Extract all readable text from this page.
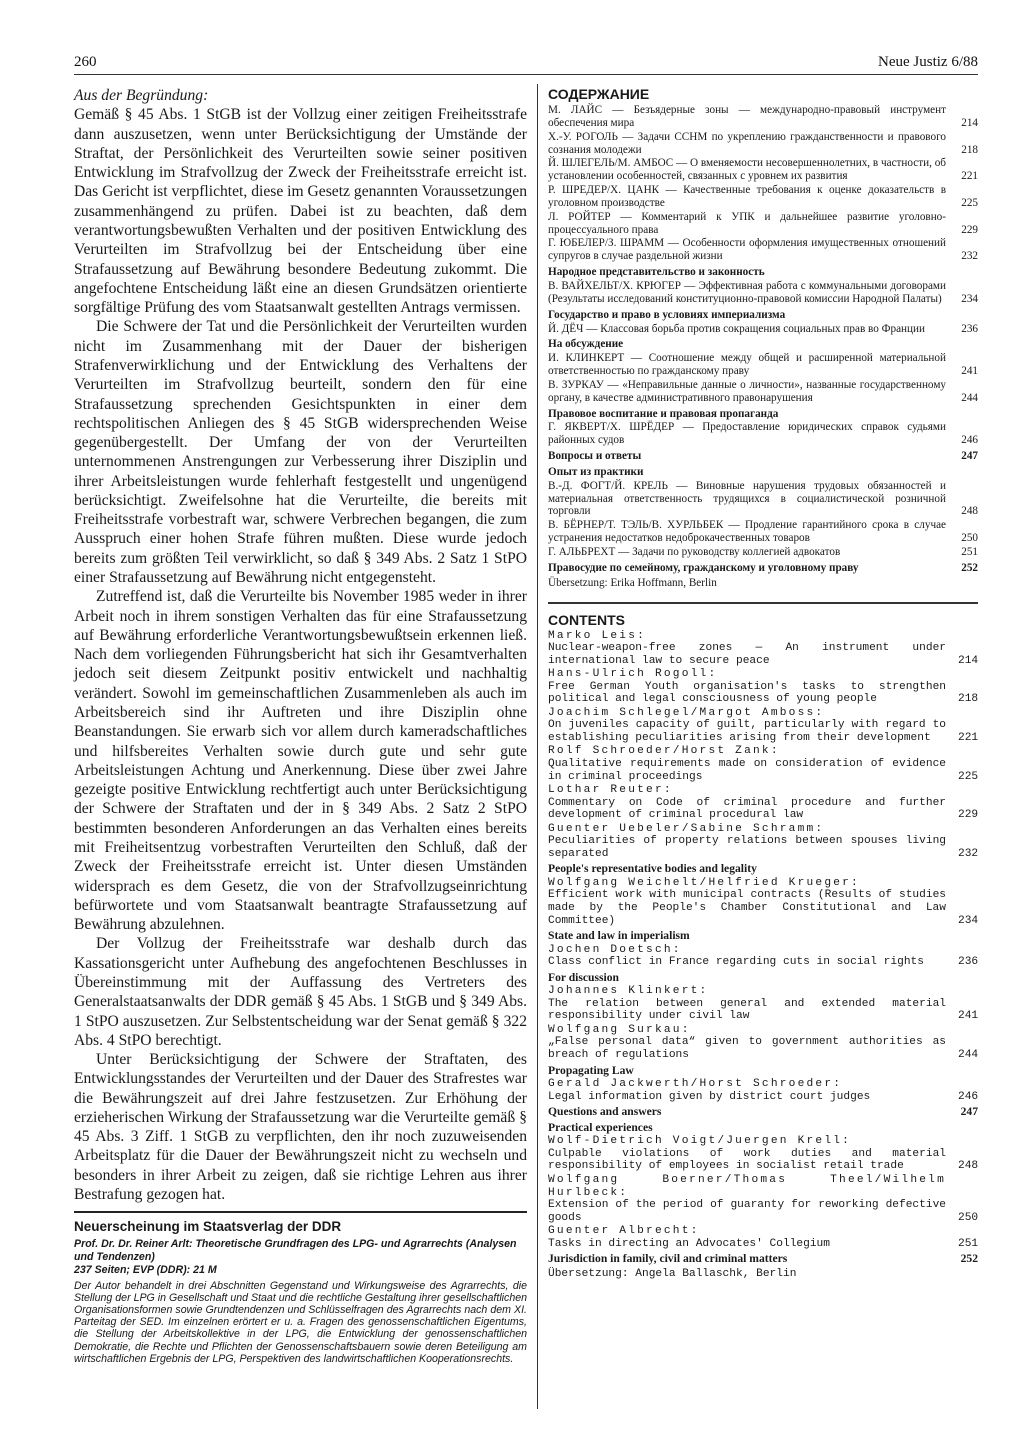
260	Neue Justiz 6/88

Aus der Begründung:

Gemäß § 45 Abs. 1 StGB ist der Vollzug einer zeitigen Freiheitsstrafe dann auszusetzen, wenn unter Berücksichtigung der Umstände der Straftat, der Persönlichkeit des Verurteilten sowie seiner positiven Entwicklung im Strafvollzug der Zweck der Freiheitsstrafe erreicht ist. Das Gericht ist verpflichtet, diese im Gesetz genannten Voraussetzungen zusammenhängend zu prüfen. Dabei ist zu beachten, daß dem verantwortungsbewußten Verhalten und der positiven Entwicklung des Verurteilten im Strafvollzug bei der Entscheidung über eine Strafaussetzung auf Bewährung besondere Bedeutung zukommt. Die angefochtene Entscheidung läßt eine an diesen Grundsätzen orientierte sorgfältige Prüfung des vom Staatsanwalt gestellten Antrags vermissen.

Die Schwere der Tat und die Persönlichkeit der Verurteilten wurden nicht im Zusammenhang mit der Dauer der bisherigen Strafenverwirklichung und der Entwicklung des Verhaltens der Verurteilten im Strafvollzug beurteilt, sondern den für eine Strafaussetzung sprechenden Gesichtspunkten in einer dem rechtspolitischen Anliegen des § 45 StGB widersprechenden Weise gegenübergestellt. Der Umfang der von der Verurteilten unternommenen Anstrengungen zur Verbesserung ihrer Disziplin und ihrer Arbeitsleistungen wurde fehlerhaft festgestellt und ungenügend berücksichtigt. Zweifelsohne hat die Verurteilte, die bereits mit Freiheitsstrafe vorbestraft war, schwere Verbrechen begangen, die zum Ausspruch einer hohen Strafe führen mußten. Diese wurde jedoch bereits zum größten Teil verwirklicht, so daß § 349 Abs. 2 Satz 1 StPO einer Strafaussetzung auf Bewährung nicht entgegensteht.

Zutreffend ist, daß die Verurteilte bis November 1985 weder in ihrer Arbeit noch in ihrem sonstigen Verhalten das für eine Strafaussetzung auf Bewährung erforderliche Verantwortungsbewußtsein erkennen ließ. Nach dem vorliegenden Führungsbericht hat sich ihr Gesamtverhalten jedoch seit diesem Zeitpunkt positiv entwickelt und nachhaltig verändert. Sowohl im gemeinschaftlichen Zusammenleben als auch im Arbeitsbereich sind ihr Auftreten und ihre Disziplin ohne Beanstandungen. Sie erwarb sich vor allem durch kameradschaftliches und hilfsbereites Verhalten sowie durch gute und sehr gute Arbeitsleistungen Achtung und Anerkennung. Diese über zwei Jahre gezeigte positive Entwicklung rechtfertigt auch unter Berücksichtigung der Schwere der Straftaten und der in § 349 Abs. 2 Satz 2 StPO bestimmten besonderen Anforderungen an das Verhalten eines bereits mit Freiheitsentzug vorbestraften Verurteilten den Schluß, daß der Zweck der Freiheitsstrafe erreicht ist. Unter diesen Umständen widersprach es dem Gesetz, die von der Strafvollzugseinrichtung befürwortete und vom Staatsanwalt beantragte Strafaussetzung auf Bewährung abzulehnen.

Der Vollzug der Freiheitsstrafe war deshalb durch das Kassationsgericht unter Aufhebung des angefochtenen Beschlusses in Übereinstimmung mit der Auffassung des Vertreters des Generalstaatsanwalts der DDR gemäß § 45 Abs. 1 StGB und § 349 Abs. 1 StPO auszusetzen. Zur Selbstentscheidung war der Senat gemäß § 322 Abs. 4 StPO berechtigt.

Unter Berücksichtigung der Schwere der Straftaten, des Entwicklungsstandes der Verurteilten und der Dauer des Strafrestes war die Bewährungszeit auf drei Jahre festzusetzen. Zur Erhöhung der erzieherischen Wirkung der Strafaussetzung war die Verurteilte gemäß § 45 Abs. 3 Ziff. 1 StGB zu verpflichten, den ihr noch zuzuweisenden Arbeitsplatz für die Dauer der Bewährungszeit nicht zu wechseln und besonders in ihrer Arbeit zu zeigen, daß sie richtige Lehren aus ihrer Bestrafung gezogen hat.

Neuerscheinung im Staatsverlag der DDR

Prof. Dr. Dr. Reiner Arlt: Theoretische Grundfragen des LPG- und Agrarrechts (Analysen und Tendenzen)

237 Seiten; EVP (DDR): 21 M

Der Autor behandelt in drei Abschnitten Gegenstand und Wirkungsweise des Agrarrechts, die Stellung der LPG in Gesellschaft und Staat und die rechtliche Gestaltung ihrer gesellschaftlichen Organisationsformen sowie Grundtendenzen und Schlüsselfragen des Agrarrechts nach dem XI. Parteitag der SED. Im einzelnen erörtert er u. a. Fragen des genossenschaftlichen Eigentums, die Stellung der Arbeitskollektive in der LPG, die Entwicklung der genossenschaftlichen Demokratie, die Rechte und Pflichten der Genossenschaftsbauern sowie deren Beteiligung am wirtschaftlichen Ergebnis der LPG, Perspektiven des landwirtschaftlichen Kooperationsrechts.

СОДЕРЖАНИЕ
М. ЛАЙС — Безъядерные зоны — международно-правовый инструмент обеспечения мира	214
Х.-У. РОГОЛЬ — Задачи ССНМ по укреплению гражданственности и правового сознания молодежи	218
Й. ШЛЕГЕЛЬ/М. АМБОС — О вменяемости несовершеннолетних, в частности, об установлении особенностей, связанных с уровнем их развития	221
Р. ШРЕДЕР/Х. ЦАНК — Качественные требования к оценке доказательств в уголовном производстве	225
Л. РОЙТЕР — Комментарий к УПК и дальнейшее развитие уголовно-процессуального права	229
Г. ЮБЕЛЕР/З. ШРАММ — Особенности оформления имущественных отношений супругов в случае раздельной жизни	232
Народное представительство и законность
В. ВАЙХЕЛЬТ/Х. КРЮГЕР — Эффективная работа с коммунальными договорами (Результаты исследований конституционно-правовой комиссии Народной Палаты)	234
Государство и право в условиях империализма
Й. ДЁЧ — Классовая борьба против сокращения социальных прав во Франции	236
На обсуждение
И. КЛИНКЕРТ — Соотношение между общей и расширенной материальной ответственностью по гражданскому праву	241
В. ЗУРКАУ — «Неправильные данные о личности», названные государственному органу, в качестве административного правонарушения	244
Правовое воспитание и правовая пропаганда
Г. ЯКВЕРТ/Х. ШРЁДЕР — Предоставление юридических справок судьями районных судов	246
Вопросы и ответы	247
Опыт из практики
В.-Д. ФОГТ/Й. КРЕЛЬ — Виновные нарушения трудовых обязанностей и материальная ответственность трудящихся в социалистической розничной торговли	248
В. БЁРНЕР/Т. ТЭЛЬ/В. ХУРЛЬБЕК — Продление гарантийного срока в случае устранения недостатков недоброкачественных товаров	250
Г. АЛЬБРЕХТ — Задачи по руководству коллегией адвокатов	251
Правосудие по семейному, гражданскому и уголовному праву	252
Übersetzung: Erika Hoffmann, Berlin
CONTENTS
Marko Leis:
Nuclear-weapon-free zones — An instrument under international law to secure peace	214
Hans-Ulrich Rogoll:
Free German Youth organisation's tasks to strengthen political and legal consciousness of young people	218
Joachim Schlegel/Margot Amboss:
On juveniles capacity of guilt, particularly with regard to establishing peculiarities arising from their development	221
Rolf Schroeder/Horst Zank:
Qualitative requirements made on consideration of evidence in criminal proceedings	225
Lothar Reuter:
Commentary on Code of criminal procedure and further development of criminal procedural law	229
Guenter Uebeler/Sabine Schramm:
Peculiarities of property relations between spouses living separated	232
People's representative bodies and legality
Wolfgang Weichelt/Helfried Krueger:
Efficient work with municipal contracts (Results of studies made by the People's Chamber Constitutional and Law Committee)	234
State and law in imperialism
Jochen Doetsch:
Class conflict in France regarding cuts in social rights	236
For discussion
Johannes Klinkert:
The relation between general and extended material responsibility under civil law	241
Wolfgang Surkau:
„False personal data“ given to government authorities as breach of regulations	244
Propagating Law
Gerald Jackwerth/Horst Schroeder:
Legal information given by district court judges	246
Questions and answers	247
Practical experiences
Wolf-Dietrich Voigt/Juergen Krell:
Culpable violations of work duties and material responsibility of employees in socialist retail trade	248
Wolfgang Boerner/Thomas Theel/Wilhelm Hurlbeck:
Extension of the period of guaranty for reworking defective goods	250
Guenter Albrecht:
Tasks in directing an Advocates' Collegium	251
Jurisdiction in family, civil and criminal matters	252
Übersetzung: Angela Ballaschk, Berlin
